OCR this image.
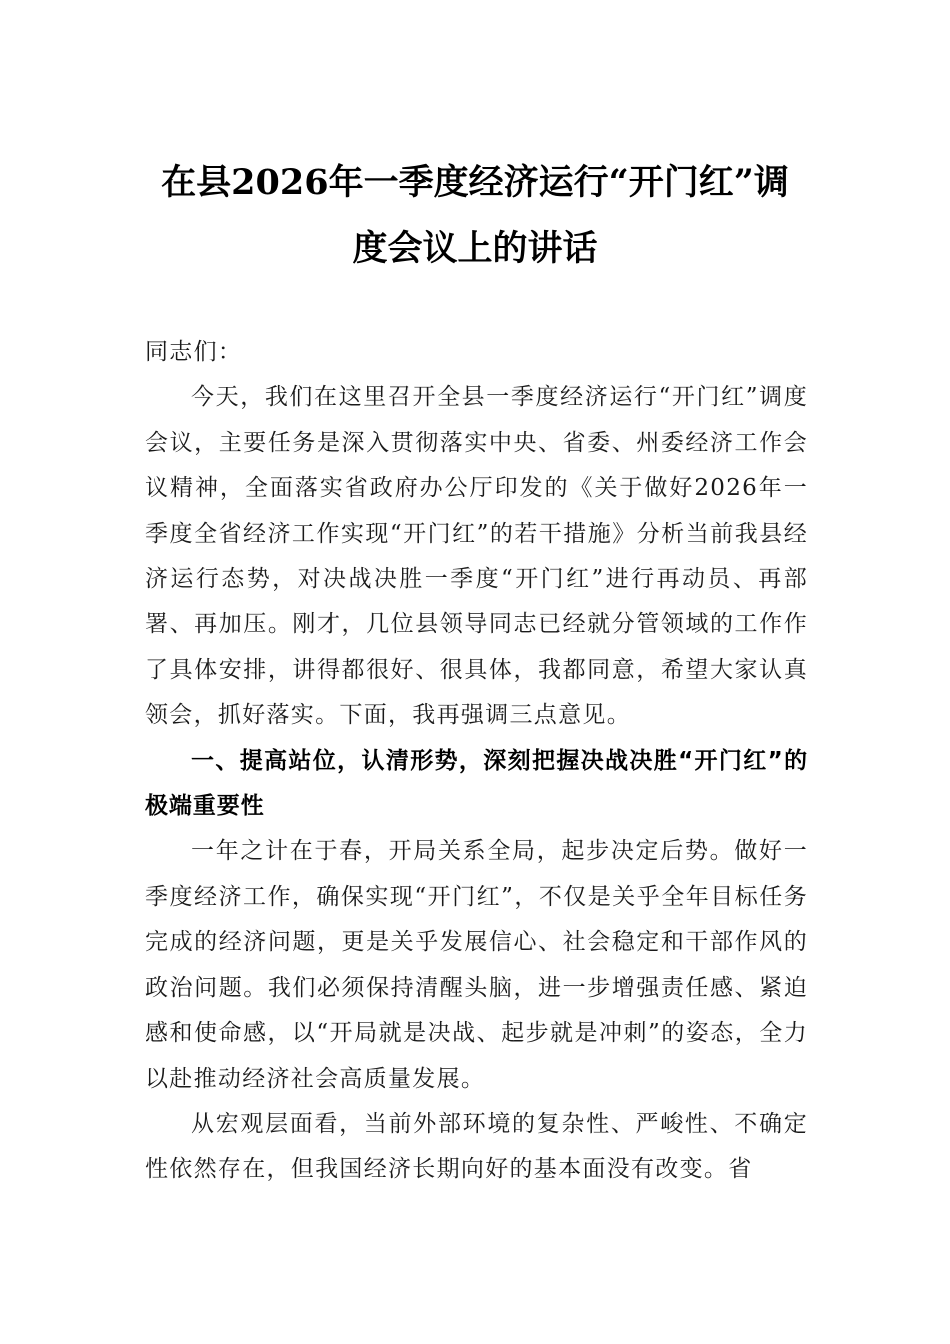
在县2026年一季度经济运行“开门红”调
度会议上的讲话

同志们：

今天，我们在这里召开全县一季度经济运行“开门红”调度会议，主要任务是深入贯彻落实中央、省委、州委经济工作会议精神，全面落实省政府办公厅印发的《关于做好2026年一季度全省经济工作实现“开门红”的若干措施》分析当前我县经济运行态势，对决战决胜一季度“开门红”进行再动员、再部署、再加压。刚才，几位县领导同志已经就分管领域的工作作了具体安排，讲得都很好、很具体，我都同意，希望大家认真领会，抓好落实。下面，我再强调三点意见。

一、提高站位，认清形势，深刻把握决战决胜“开门红”的极端重要性

一年之计在于春，开局关系全局，起步决定后势。做好一季度经济工作，确保实现“开门红”，不仅是关乎全年目标任务完成的经济问题，更是关乎发展信心、社会稳定和干部作风的政治问题。我们必须保持清醒头脑，进一步增强责任感、紧迫感和使命感，以“开局就是决战、起步就是冲刺”的姿态，全力以赴推动经济社会高质量发展。

从宏观层面看，当前外部环境的复杂性、严峻性、不确定性依然存在，但我国经济长期向好的基本面没有改变。省
